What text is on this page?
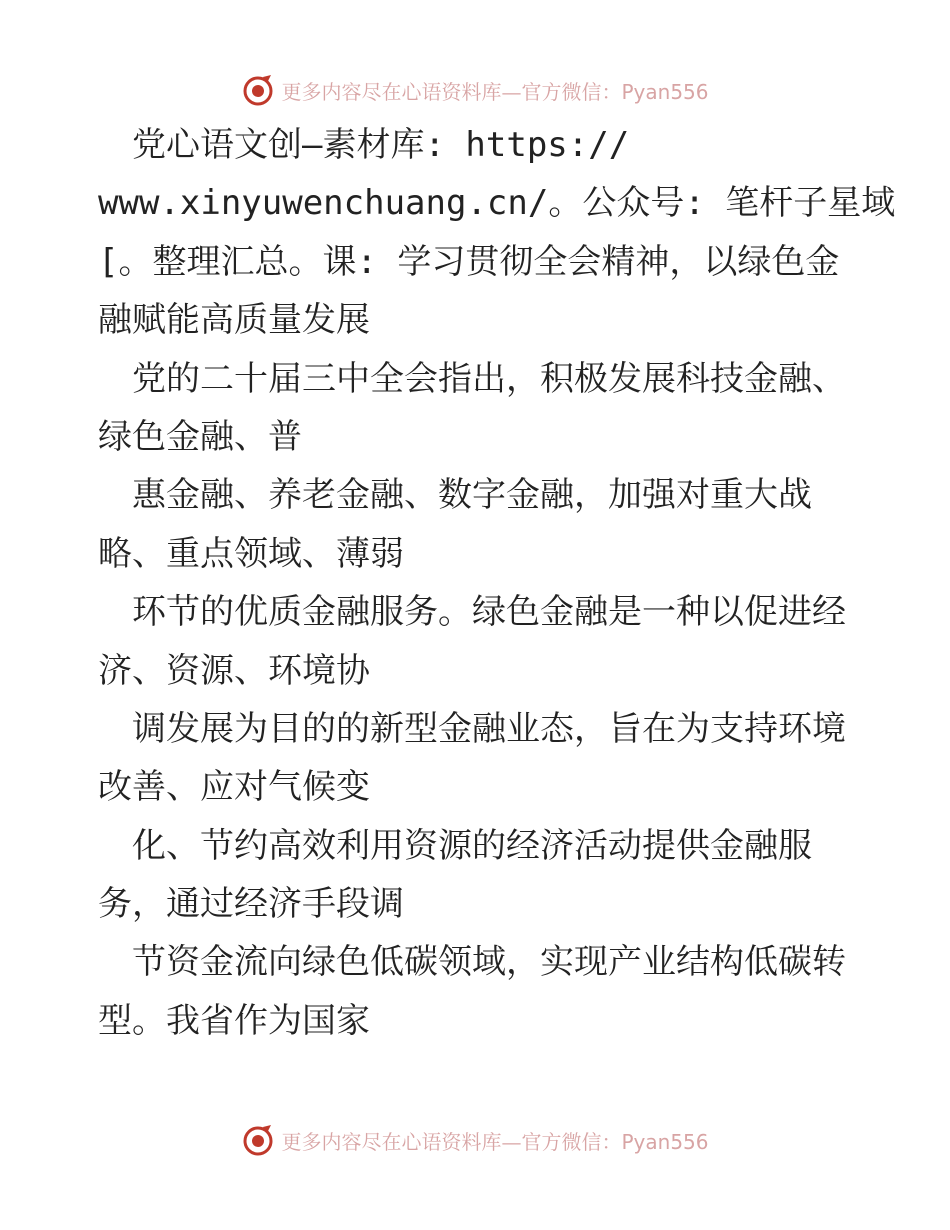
更多内容尽在心语资料库—官方微信：Pyan556
　党心语文创—素材库: https://
www.xinyuwenchuang.cn/。公众号: 笔杆子星域
[。整理汇总。课: 学习贯彻全会精神，以绿色金
融赋能高质量发展
　党的二十届三中全会指出，积极发展科技金融、
绿色金融、普
　惠金融、养老金融、数字金融，加强对重大战
略、重点领域、薄弱
　环节的优质金融服务。绿色金融是一种以促进经
济、资源、环境协
　调发展为目的的新型金融业态，旨在为支持环境
改善、应对气候变
　化、节约高效利用资源的经济活动提供金融服
务，通过经济手段调
　节资金流向绿色低碳领域，实现产业结构低碳转
型。我省作为国家
更多内容尽在心语资料库—官方微信：Pyan556
